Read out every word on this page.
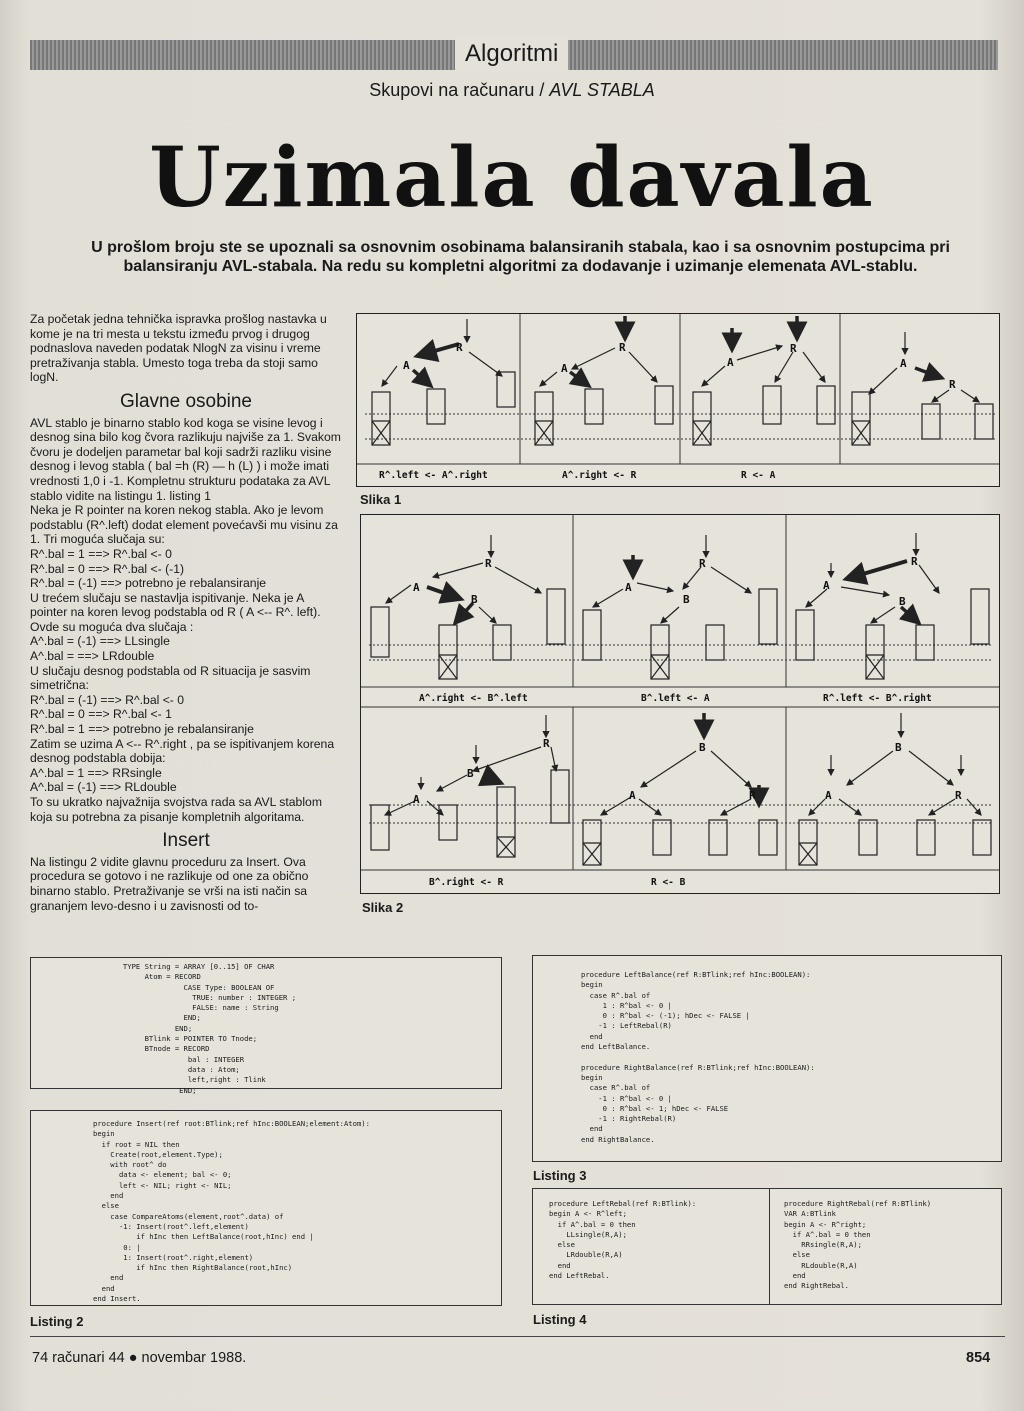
Algoritmi
Skupovi na računaru / AVL STABLA
Uzimala davala
U prošlom broju ste se upoznali sa osnovnim osobinama balansiranih stabala, kao i sa osnovnim postupcima pri balansiranju AVL-stabala. Na redu su kompletni algoritmi za dodavanje i uzimanje elemenata AVL-stablu.

Za početak jedna tehnička ispravka prošlog nastavka u kome je na tri mesta u tekstu između prvog i drugog podnaslova naveden podatak NlogN za visinu i vreme pretraživanja stabla. Umesto toga treba da stoji samo logN.

Glavne osobine

AVL stablo je binarno stablo kod koga se visine levog i desnog sina bilo kog čvora razlikuju najviše za 1. Svakom čvoru je dodeljen parametar bal koji sadrži razliku visine desnog i levog stabla ( bal =h (R) — h (L) ) i može imati vrednosti 1,0 i -1. Kompletnu strukturu podataka za AVL stablo vidite na listingu 1. listing 1

Neka je R pointer na koren nekog stabla. Ako je levom podstablu (R^.left) dodat element povećavši mu visinu za 1. Tri moguća slučaja su:

R^.bal = 1 ==> R^.bal <- 0
R^.bal = 0 ==> R^.bal <- (-1)
R^.bal = (-1) ==> potrebno je rebalansiranje

U trećem slučaju se nastavlja ispitivanje. Neka je A pointer na koren levog podstabla od R ( A <-- R^. left). Ovde su moguća dva slučaja :

A^.bal = (-1) ==> LLsingle
A^.bal = ==> LRdouble

U slučaju desnog podstabla od R situacija je sasvim simetrična:

R^.bal = (-1) ==> R^.bal <- 0
R^.bal = 0 ==> R^.bal <- 1
R^.bal = 1 ==> potrebno je rebalansiranje

Zatim se uzima A <-- R^.right , pa se ispitivanjem korena desnog podstabla dobija:

A^.bal = 1 ==> RRsingle
A^.bal = (-1) ==> RLdouble

To su ukratko najvažnija svojstva rada sa AVL stablom koja su potrebna za pisanje kompletnih algoritama.

Insert

Na listingu 2 vidite glavnu proceduru za Insert. Ova procedura se gotovo i ne razlikuje od one za obično binarno stablo. Pretraživanje se vrši na isti način sa grananjem levo-desno i u zavisnosti od to-

R
A
R
A	A
R
A
R
R^.left <- A^.right	A^.right <- R	R <- A
Slika 1
R
A
B
A
R
B
R
A
B
R
B
A
B
A	R
B
A	R
A^.right <- B^.left	B^.left <- A	R^.left <- B^.right
B^.right <- R	R <- B
Slika 2
TYPE String = ARRAY [0..15] OF CHAR
Atom = RECORD
CASE Type: BOOLEAN OF
TRUE: number : INTEGER ;
FALSE: name : String
END;
END;
BTlink = POINTER TO Tnode;
BTnode = RECORD
bal : INTEGER
data : Atom;
left,right : Tlink
END;
procedure Insert(ref root:BTlink;ref hInc:BOOLEAN;element:Atom):
begin
if root = NIL then
Create(root,element.Type);
with root^ do
data <- element; bal <- 0;
left <- NIL; right <- NIL;
end
else
case CompareAtoms(element,root^.data) of
-1: Insert(root^.left,element)
if hInc then LeftBalance(root,hInc) end |
0: |
1: Insert(root^.right,element)
if hInc then RightBalance(root,hInc)
end
end
end Insert.
Listing 2
procedure LeftBalance(ref R:BTlink;ref hInc:BOOLEAN):
begin
case R^.bal of
1 : R^bal <- 0 |
0 : R^bal <- (-1); hDec <- FALSE |
-1 : LeftRebal(R)
end
end LeftBalance.

procedure RightBalance(ref R:BTlink;ref hInc:BOOLEAN):
begin
case R^.bal of
-1 : R^bal <- 0 |
0 : R^bal <- 1; hDec <- FALSE
-1 : RightRebal(R)
end
end RightBalance.
Listing 3
procedure LeftRebal(ref R:BTlink):
begin A <- R^left;
if A^.bal = 0 then
LLsingle(R,A);
else
LRdouble(R,A)
end
end LeftRebal.
procedure RightRebal(ref R:BTlink)
VAR A:BTlink
begin A <- R^right;
if A^.bal = 0 then
RRsingle(R,A);
else
RLdouble(R,A)
end
end RightRebal.
Listing 4
74 računari 44 ● novembar 1988.	854
